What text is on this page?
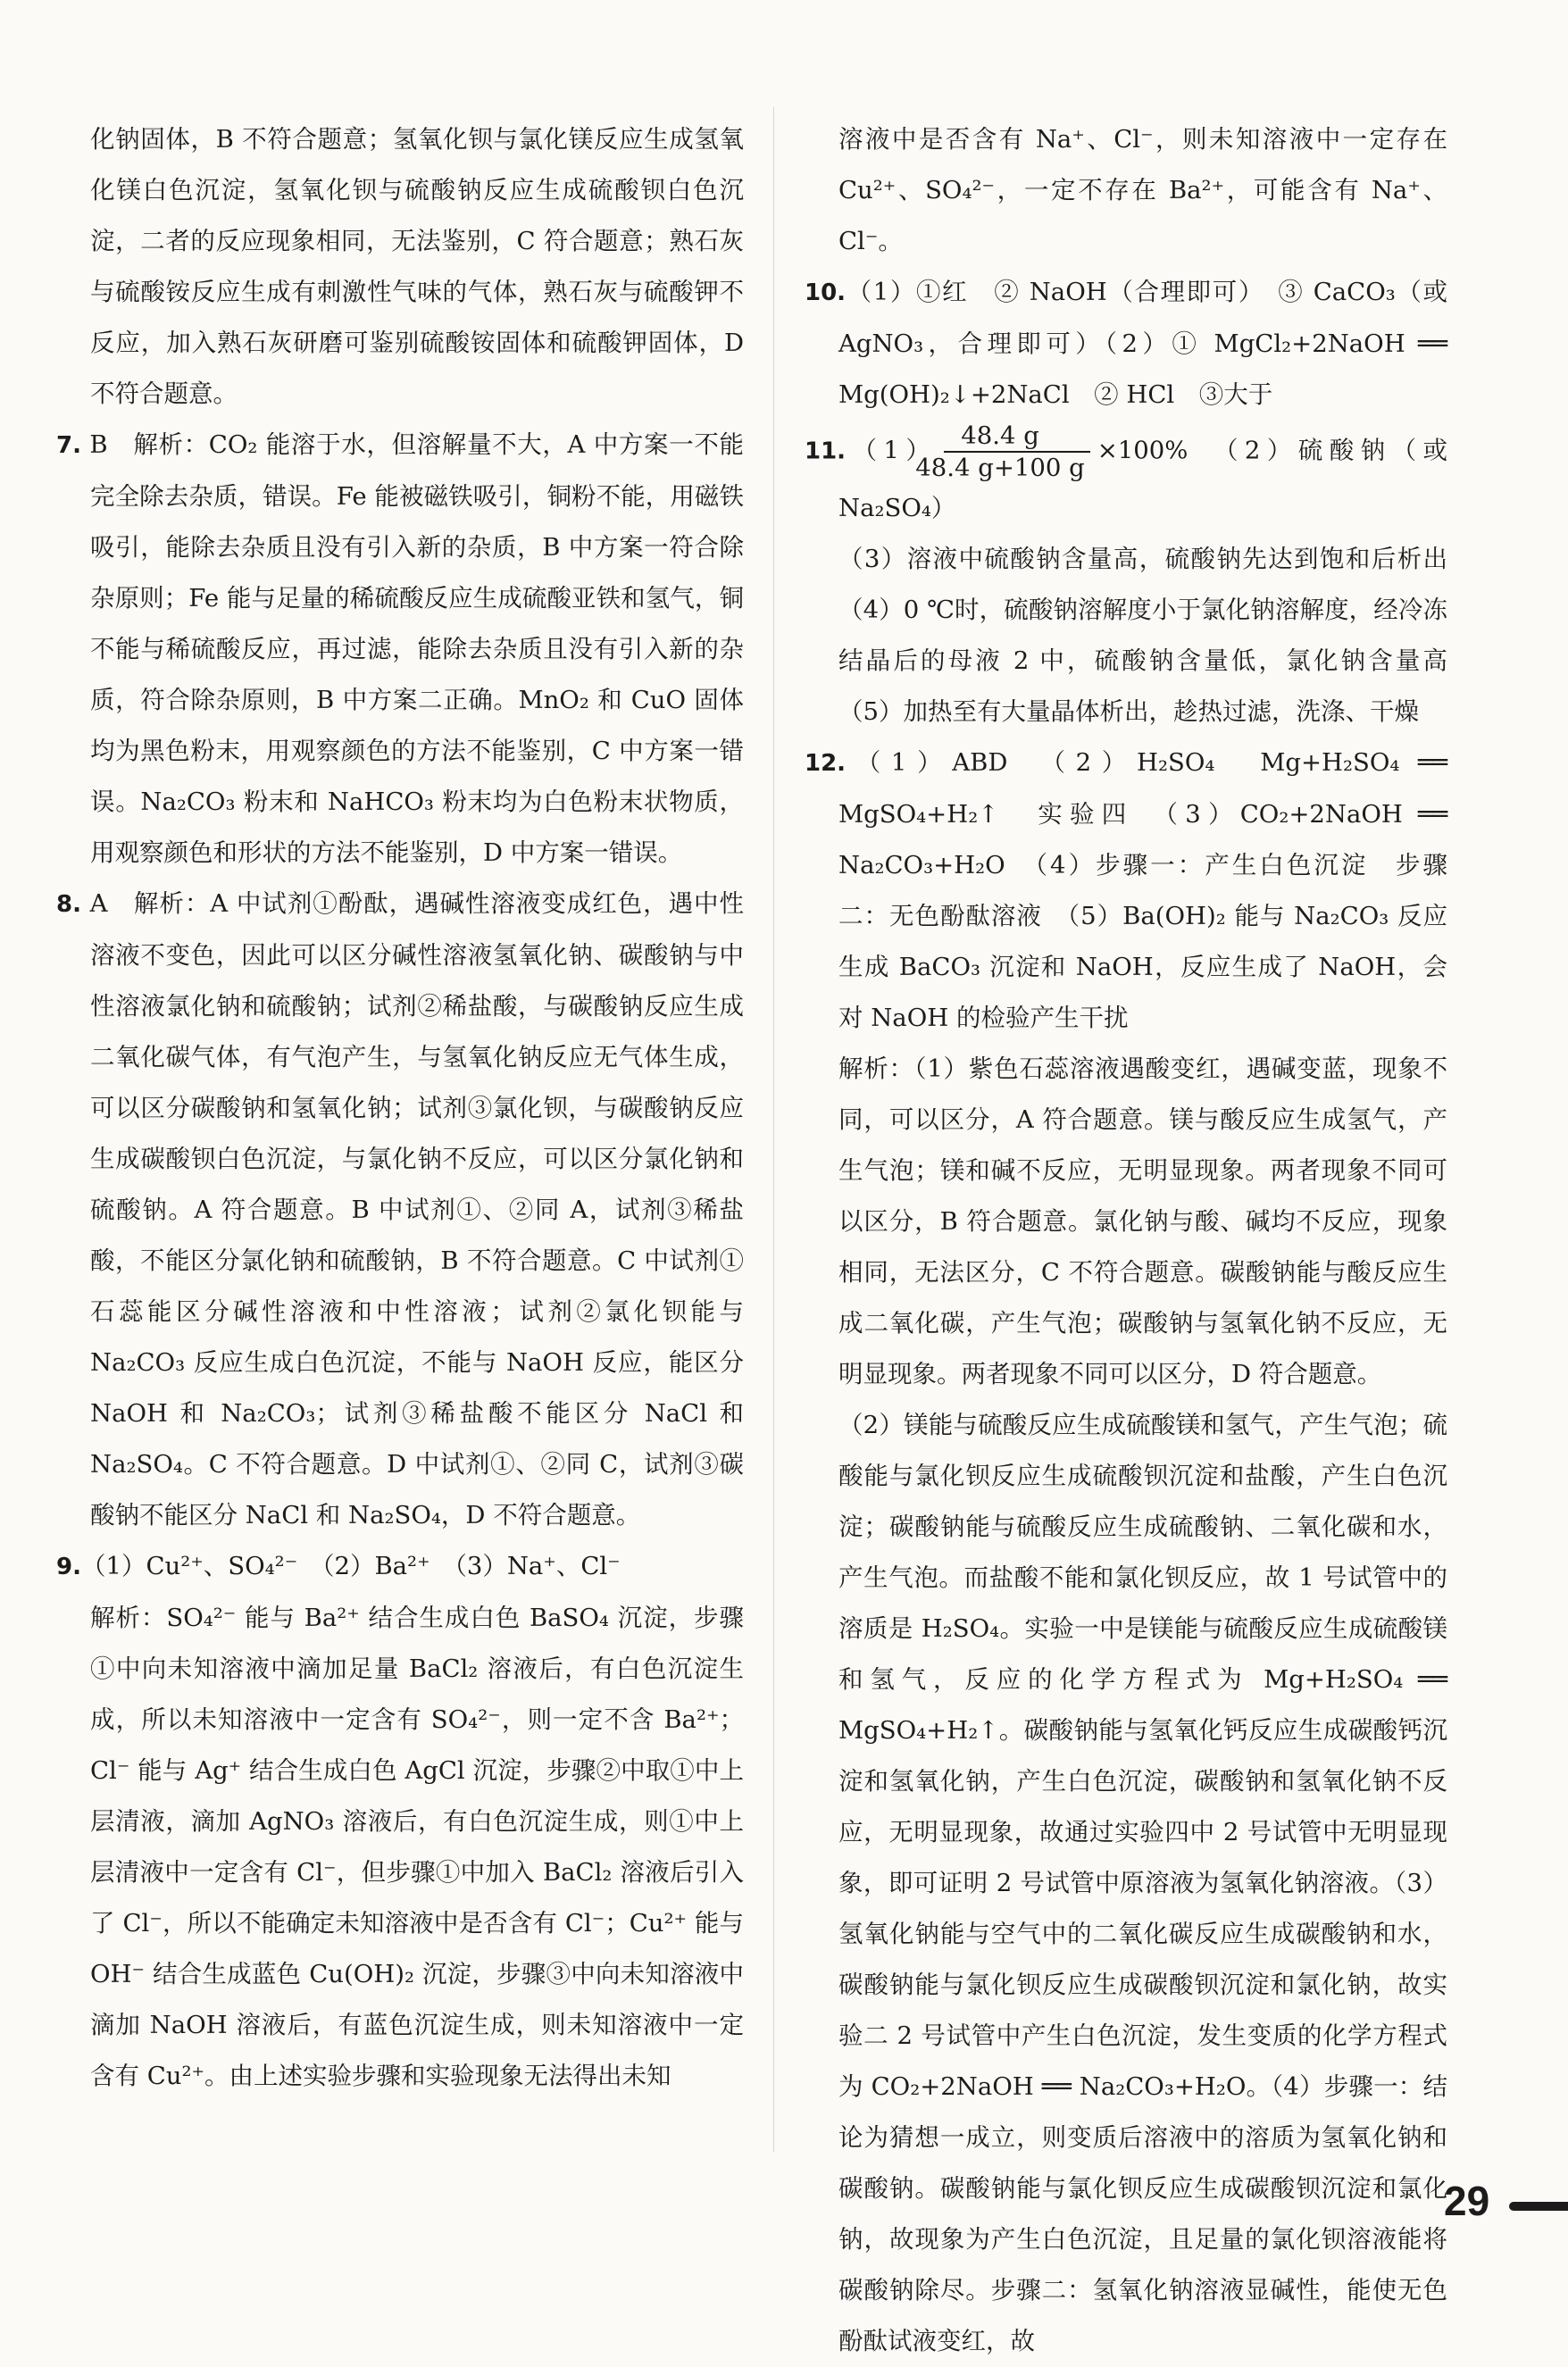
化钠固体，B 不符合题意；氢氧化钡与氯化镁反应生成氢氧化镁白色沉淀，氢氧化钡与硫酸钠反应生成硫酸钡白色沉淀，二者的反应现象相同，无法鉴别，C 符合题意；熟石灰与硫酸铵反应生成有刺激性气味的气体，熟石灰与硫酸钾不反应，加入熟石灰研磨可鉴别硫酸铵固体和硫酸钾固体，D 不符合题意。

7. B　解析：CO₂ 能溶于水，但溶解量不大，A 中方案一不能完全除去杂质，错误。Fe 能被磁铁吸引，铜粉不能，用磁铁吸引，能除去杂质且没有引入新的杂质，B 中方案一符合除杂原则；Fe 能与足量的稀硫酸反应生成硫酸亚铁和氢气，铜不能与稀硫酸反应，再过滤，能除去杂质且没有引入新的杂质，符合除杂原则，B 中方案二正确。MnO₂ 和 CuO 固体均为黑色粉末，用观察颜色的方法不能鉴别，C 中方案一错误。Na₂CO₃ 粉末和 NaHCO₃ 粉末均为白色粉末状物质，用观察颜色和形状的方法不能鉴别，D 中方案一错误。

8. A　解析：A 中试剂①酚酞，遇碱性溶液变成红色，遇中性溶液不变色，因此可以区分碱性溶液氢氧化钠、碳酸钠与中性溶液氯化钠和硫酸钠；试剂②稀盐酸，与碳酸钠反应生成二氧化碳气体，有气泡产生，与氢氧化钠反应无气体生成，可以区分碳酸钠和氢氧化钠；试剂③氯化钡，与碳酸钠反应生成碳酸钡白色沉淀，与氯化钠不反应，可以区分氯化钠和硫酸钠。A 符合题意。B 中试剂①、②同 A，试剂③稀盐酸，不能区分氯化钠和硫酸钠，B 不符合题意。C 中试剂①石蕊能区分碱性溶液和中性溶液；试剂②氯化钡能与 Na₂CO₃ 反应生成白色沉淀，不能与 NaOH 反应，能区分 NaOH 和 Na₂CO₃；试剂③稀盐酸不能区分 NaCl 和 Na₂SO₄。C 不符合题意。D 中试剂①、②同 C，试剂③碳酸钠不能区分 NaCl 和 Na₂SO₄，D 不符合题意。

9.（1）Cu²⁺、SO₄²⁻　（2）Ba²⁺　（3）Na⁺、Cl⁻

解析：SO₄²⁻ 能与 Ba²⁺ 结合生成白色 BaSO₄ 沉淀，步骤①中向未知溶液中滴加足量 BaCl₂ 溶液后，有白色沉淀生成，所以未知溶液中一定含有 SO₄²⁻，则一定不含 Ba²⁺；Cl⁻ 能与 Ag⁺ 结合生成白色 AgCl 沉淀，步骤②中取①中上层清液，滴加 AgNO₃ 溶液后，有白色沉淀生成，则①中上层清液中一定含有 Cl⁻，但步骤①中加入 BaCl₂ 溶液后引入了 Cl⁻，所以不能确定未知溶液中是否含有 Cl⁻；Cu²⁺ 能与 OH⁻ 结合生成蓝色 Cu(OH)₂ 沉淀，步骤③中向未知溶液中滴加 NaOH 溶液后，有蓝色沉淀生成，则未知溶液中一定含有 Cu²⁺。由上述实验步骤和实验现象无法得出未知

溶液中是否含有 Na⁺、Cl⁻，则未知溶液中一定存在 Cu²⁺、SO₄²⁻，一定不存在 Ba²⁺，可能含有 Na⁺、Cl⁻。

10.（1）①红　② NaOH（合理即可）　③ CaCO₃（或 AgNO₃，合理即可）（2）① MgCl₂+2NaOH ══ Mg(OH)₂↓+2NaCl　② HCl　③大于

$11.(1) \frac{48.4 g}{48.4 g+100 g} \times 100\%$　（2）硫酸钠（或 Na₂SO₄）

（3）溶液中硫酸钠含量高，硫酸钠先达到饱和后析出（4）0 ℃时，硫酸钠溶解度小于氯化钠溶解度，经冷冻结晶后的母液 2 中，硫酸钠含量低，氯化钠含量高　（5）加热至有大量晶体析出，趁热过滤，洗涤、干燥

12.（1）ABD　（2）H₂SO₄　Mg+H₂SO₄ ══ MgSO₄+H₂↑　实验四　（3）CO₂+2NaOH ══ Na₂CO₃+H₂O　（4）步骤一：产生白色沉淀　步骤二：无色酚酞溶液　（5）Ba(OH)₂ 能与 Na₂CO₃ 反应生成 BaCO₃ 沉淀和 NaOH，反应生成了 NaOH，会对 NaOH 的检验产生干扰

解析：（1）紫色石蕊溶液遇酸变红，遇碱变蓝，现象不同，可以区分，A 符合题意。镁与酸反应生成氢气，产生气泡；镁和碱不反应，无明显现象。两者现象不同可以区分，B 符合题意。氯化钠与酸、碱均不反应，现象相同，无法区分，C 不符合题意。碳酸钠能与酸反应生成二氧化碳，产生气泡；碳酸钠与氢氧化钠不反应，无明显现象。两者现象不同可以区分，D 符合题意。

（2）镁能与硫酸反应生成硫酸镁和氢气，产生气泡；硫酸能与氯化钡反应生成硫酸钡沉淀和盐酸，产生白色沉淀；碳酸钠能与硫酸反应生成硫酸钠、二氧化碳和水，产生气泡。而盐酸不能和氯化钡反应，故 1 号试管中的溶质是 H₂SO₄。实验一中是镁能与硫酸反应生成硫酸镁和氢气，反应的化学方程式为 Mg+H₂SO₄ ══ MgSO₄+H₂↑。碳酸钠能与氢氧化钙反应生成碳酸钙沉淀和氢氧化钠，产生白色沉淀，碳酸钠和氢氧化钠不反应，无明显现象，故通过实验四中 2 号试管中无明显现象，即可证明 2 号试管中原溶液为氢氧化钠溶液。（3）氢氧化钠能与空气中的二氧化碳反应生成碳酸钠和水，碳酸钠能与氯化钡反应生成碳酸钡沉淀和氯化钠，故实验二 2 号试管中产生白色沉淀，发生变质的化学方程式为 CO₂+2NaOH ══ Na₂CO₃+H₂O。（4）步骤一：结论为猜想一成立，则变质后溶液中的溶质为氢氧化钠和碳酸钠。碳酸钠能与氯化钡反应生成碳酸钡沉淀和氯化钠，故现象为产生白色沉淀，且足量的氯化钡溶液能将碳酸钠除尽。步骤二：氢氧化钠溶液显碱性，能使无色酚酞试液变红，故

29
